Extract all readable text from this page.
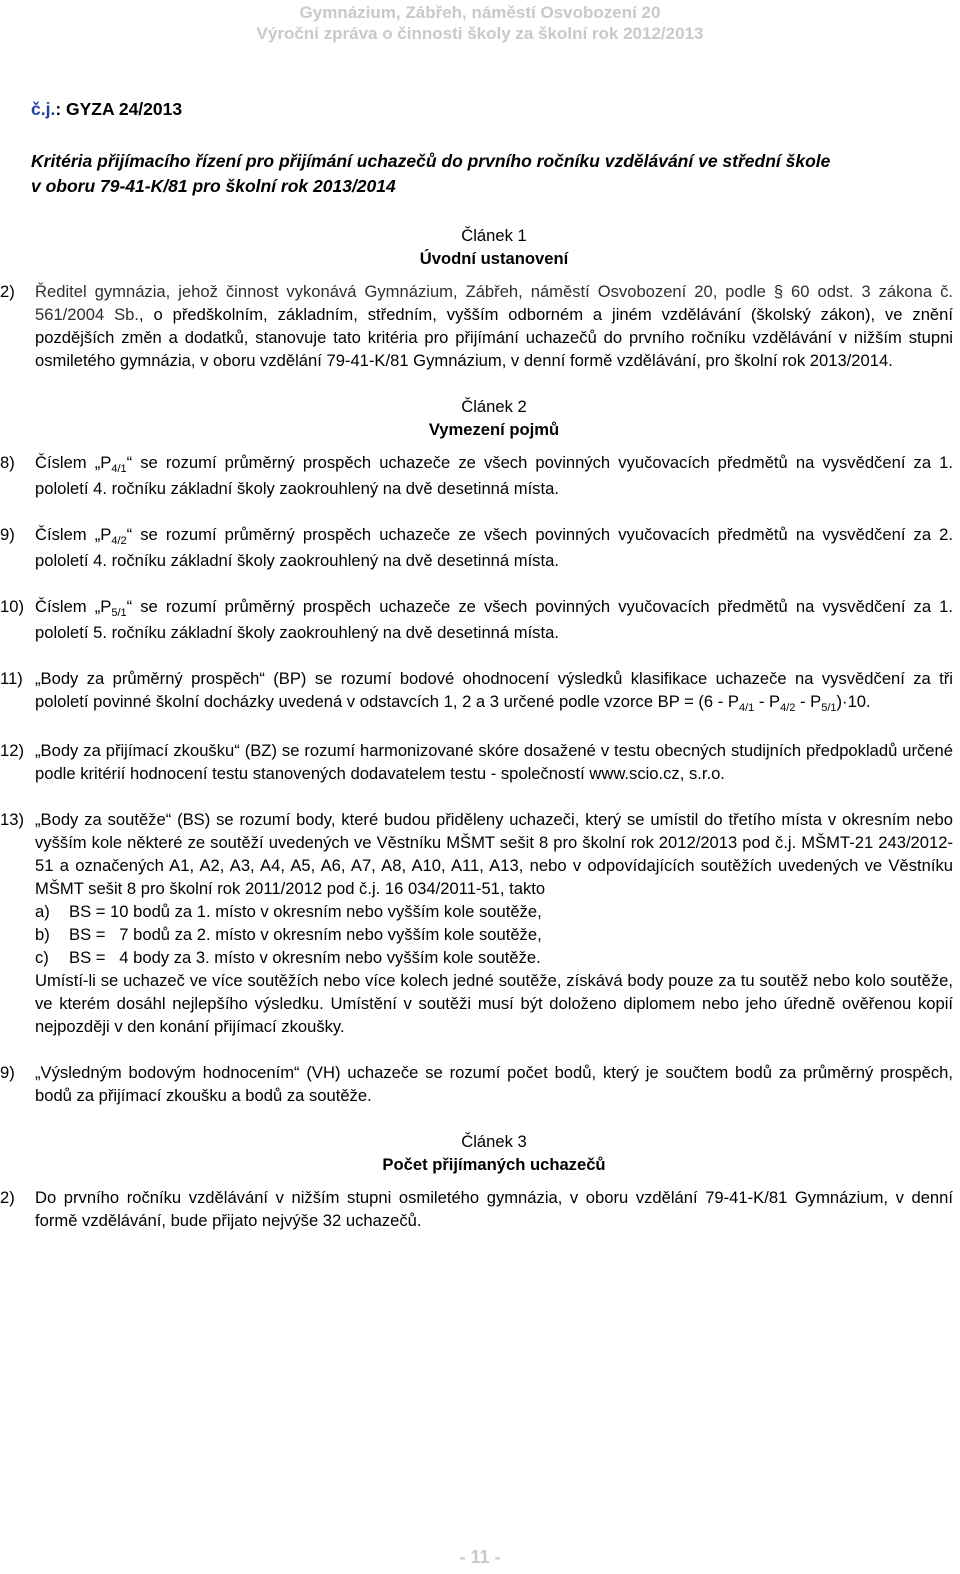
Gymnázium, Zábřeh, náměstí Osvobození 20
Výroční zpráva o činnosti školy za školní rok 2012/2013
č.j.: GYZA 24/2013
Kritéria přijímacího řízení pro přijímání uchazečů do prvního ročníku vzdělávání ve střední škole
v oboru 79-41-K/81 pro školní rok 2013/2014
Článek 1
Úvodní ustanovení
2)	Ředitel gymnázia, jehož činnost vykonává Gymnázium, Zábřeh, náměstí Osvobození 20, podle § 60 odst. 3 zákona č. 561/2004 Sb., o předškolním, základním, středním, vyšším odborném a jiném vzdělávání (školský zákon), ve znění pozdějších změn a dodatků, stanovuje tato kritéria pro přijímání uchazečů do prvního ročníku vzdělávání v nižším stupni osmiletého gymnázia, v oboru vzdělání 79-41-K/81 Gymnázium, v denní formě vzdělávání, pro školní rok 2013/2014.
Článek 2
Vymezení pojmů
8)	Číslem $„P_{4/1}“$ se rozumí průměrný prospěch uchazeče ze všech povinných vyučovacích předmětů na vysvědčení za 1. pololetí 4. ročníku základní školy zaokrouhlený na dvě desetinná místa.
9)	Číslem $„P_{4/2}“$ se rozumí průměrný prospěch uchazeče ze všech povinných vyučovacích předmětů na vysvědčení za 2. pololetí 4. ročníku základní školy zaokrouhlený na dvě desetinná místa.
10) Číslem $„P_{5/1}“$ se rozumí průměrný prospěch uchazeče ze všech povinných vyučovacích předmětů na vysvědčení za 1. pololetí 5. ročníku základní školy zaokrouhlený na dvě desetinná místa.
11) „Body za průměrný prospěch“ (BP) se rozumí bodové ohodnocení výsledků klasifikace uchazeče na vysvědčení za tři pololetí povinné školní docházky uvedená v odstavcích 1, 2 a 3 určené podle vzorce BP = $(6 - P_{4/1} - P_{4/2} - P_{5/1})\cdot 10$.
12) „Body za přijímací zkoušku“ (BZ) se rozumí harmonizované skóre dosažené v testu obecných studijních předpokladů určené podle kritérií hodnocení testu stanovených dodavatelem testu - společností www.scio.cz, s.r.o.
13) „Body za soutěže“ (BS) se rozumí body, které budou přiděleny uchazeči, který se umístil do třetího místa v okresním nebo vyšším kole některé ze soutěží uvedených ve Věstníku MŠMT sešit 8 pro školní rok 2012/2013 pod č.j. MŠMT-21 243/2012-51 a označených A1, A2, A3, A4, A5, A6, A7, A8, A10, A11, A13, nebo v odpovídajících soutěžích uvedených ve Věstníku MŠMT sešit 8 pro školní rok 2011/2012 pod č.j. 16 034/2011-51, takto
a)	BS = 10 bodů za 1. místo v okresním nebo vyšším kole soutěže,
b)	BS =   7 bodů za 2. místo v okresním nebo vyšším kole soutěže,
c)	BS =   4 body za 3. místo v okresním nebo vyšším kole soutěže.
Umístí-li se uchazeč ve více soutěžích nebo více kolech jedné soutěže, získává body pouze za tu soutěž nebo kolo soutěže, ve kterém dosáhl nejlepšího výsledku. Umístění v soutěži musí být doloženo diplomem nebo jeho úředně ověřenou kopií nejpozději v den konání přijímací zkoušky.
9)	„Výsledným bodovým hodnocením“ (VH) uchazeče se rozumí počet bodů, který je součtem bodů za průměrný prospěch, bodů za přijímací zkoušku a bodů za soutěže.
Článek 3
Počet přijímaných uchazečů
2)	Do prvního ročníku vzdělávání v nižším stupni osmiletého gymnázia, v oboru vzdělání 79-41-K/81 Gymnázium, v denní formě vzdělávání, bude přijato nejvýše 32 uchazečů.
- 11 -
